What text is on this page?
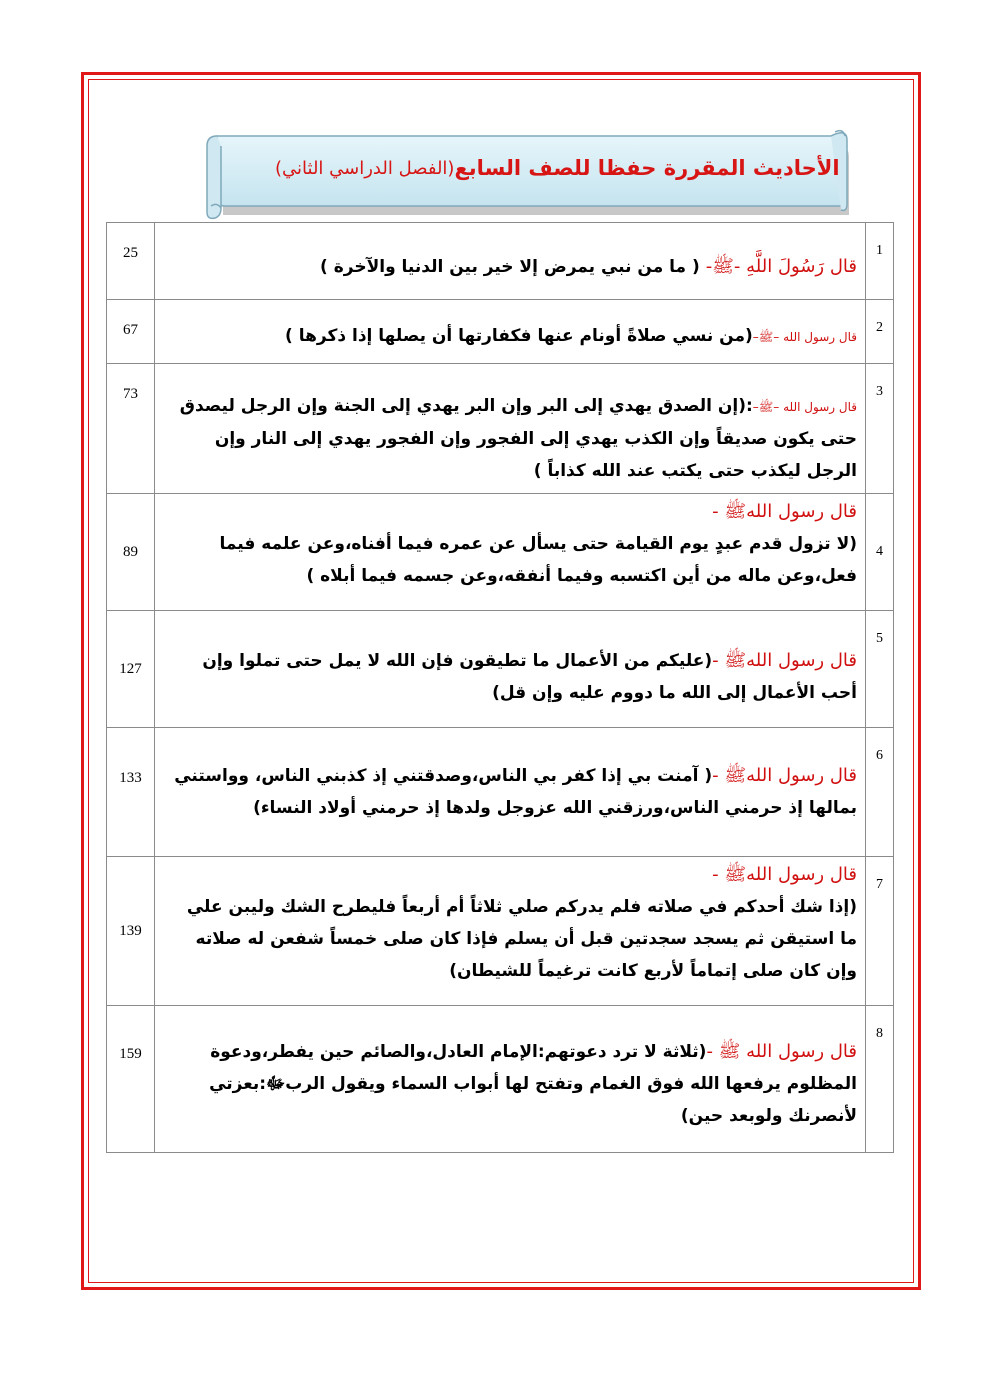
الأحاديث المقررة حفظا للصف السابع
(الفصل الدراسي الثاني)
25	قال رَسُولَ اللَّهِ -ﷺ- ( ما من نبي يمرض إلا خير بين الدنيا والآخرة )	1
67	قال رسول الله –ﷺ–(من نسي صلاةً أونام عنها فكفارتها أن يصلها إذا ذكرها )	2
73	قال رسول الله –ﷺ–:(إن الصدق يهدي إلى البر وإن البر يهدي إلى الجنة وإن الرجل ليصدق حتى يكون صديقاً وإن الكذب يهدي إلى الفجور وإن الفجور يهدي إلى النار وإن الرجل ليكذب حتى يكتب عند الله كذاباً )	3
89	قال رسول اللهﷺ -
(لا تزول قدم عبدٍ يوم القيامة حتى يسأل عن عمره فيما أفناه،وعن علمه فيما فعل،وعن ماله من أين اكتسبه وفيما أنفقه،وعن جسمه فيما أبلاه )	4
127	قال رسول اللهﷺ -(عليكم من الأعمال ما تطيقون فإن الله لا يمل حتى تملوا وإن أحب الأعمال إلى الله ما دووم عليه وإن قل)	5
133	قال رسول اللهﷺ -( آمنت بي إذا كفر بي الناس،وصدقتني إذ كذبني الناس، وواستني بمالها إذ حرمني الناس،ورزقني الله عزوجل ولدها إذ حرمني أولاد النساء)	6
139	قال رسول اللهﷺ -
(إذا شك أحدكم في صلاته فلم يدركم صلي ثلاثاً أم أربعاً فليطرح الشك وليبن علي ما استيقن ثم يسجد سجدتين قبل أن يسلم فإذا كان صلى خمساً شفعن له صلاته وإن كان صلى إتماماً لأربع كانت ترغيماً للشيطان)	7
159	قال رسول الله ﷺ -(ثلاثة لا ترد دعوتهم:الإمام العادل،والصائم حين يفطر،ودعوة المظلوم يرفعها الله فوق الغمام وتفتح لها أبواب السماء ويقول الربﷻ:بعزتي لأنصرنك ولوبعد حين)	8
